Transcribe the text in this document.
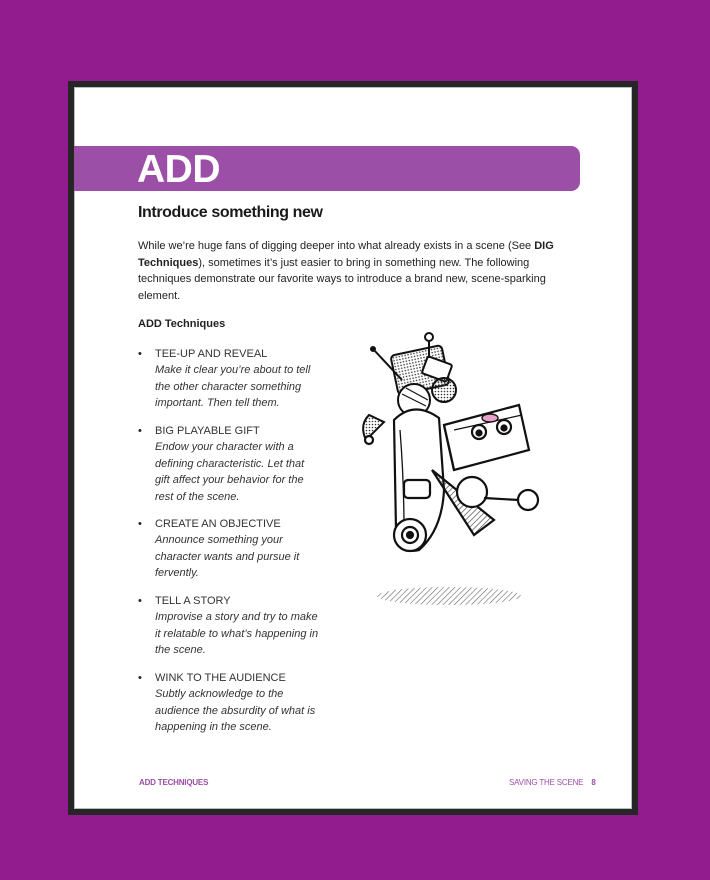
ADD
Introduce something new
While we’re huge fans of digging deeper into what already exists in a scene (See DIG Techniques), sometimes it’s just easier to bring in something new. The following techniques demonstrate our favorite ways to introduce a brand new, scene-sparking element.
ADD Techniques
• TEE-UP AND REVEAL
Make it clear you’re about to tell the other character something important. Then tell them.
• BIG PLAYABLE GIFT
Endow your character with a defining characteristic. Let that gift affect your behavior for the rest of the scene.
• CREATE AN OBJECTIVE
Announce something your character wants and pursue it fervently.
• TELL A STORY
Improvise a story and try to make it relatable to what’s happening in the scene.
• WINK TO THE AUDIENCE
Subtly acknowledge to the audience the absurdity of what is happening in the scene.
ADD TECHNIQUES	SAVING THE SCENE 8
